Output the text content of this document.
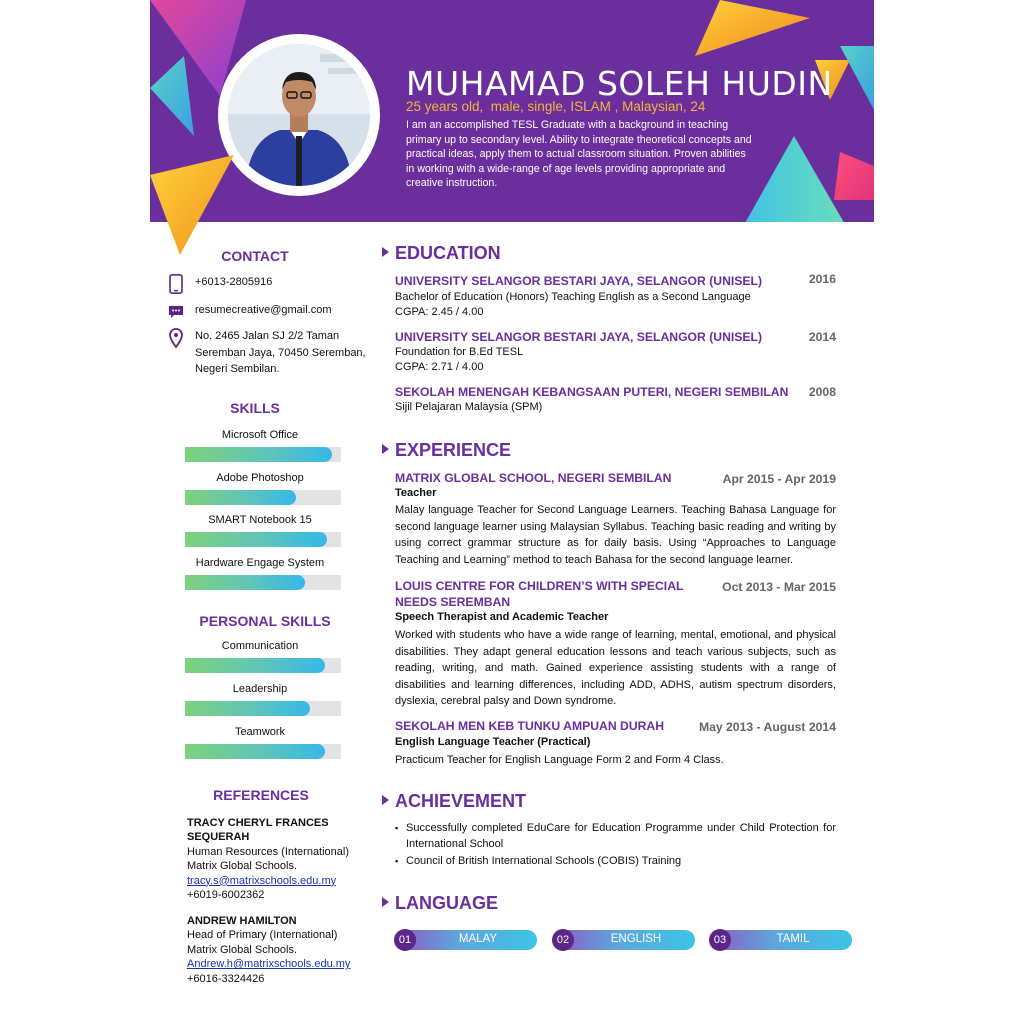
MUHAMAD SOLEH HUDIN
25 years old,  male, single, ISLAM , Malaysian, 24
I am an accomplished TESL Graduate with a background in teaching primary up to secondary level. Ability to integrate theoretical concepts and practical ideas, apply them to actual classroom situation. Proven abilities in working with a wide-range of age levels providing appropriate and creative instruction.
CONTACT
+6013-2805916
resumecreative@gmail.com
No. 2465 Jalan SJ 2/2 Taman Seremban Jaya, 70450 Seremban, Negeri Sembilan.
SKILLS
Microsoft Office
Adobe Photoshop
SMART Notebook 15
Hardware Engage System
PERSONAL SKILLS
Communication
Leadership
Teamwork
REFERENCES
TRACY CHERYL FRANCES SEQUERAH
Human Resources (International)
Matrix Global Schools.
tracy.s@matrixschools.edu.my
+6019-6002362
ANDREW HAMILTON
Head of Primary (International)
Matrix Global Schools.
Andrew.h@matrixschools.edu.my
+6016-3324426
EDUCATION
UNIVERSITY SELANGOR BESTARI JAYA, SELANGOR (UNISEL)	2016
Bachelor of Education (Honors) Teaching English as a Second Language
CGPA: 2.45 / 4.00
UNIVERSITY SELANGOR BESTARI JAYA, SELANGOR (UNISEL)	2014
Foundation for B.Ed TESL
CGPA: 2.71 / 4.00
SEKOLAH MENENGAH KEBANGSAAN PUTERI, NEGERI SEMBILAN 2008
Sijil Pelajaran Malaysia (SPM)
EXPERIENCE
MATRIX GLOBAL SCHOOL, NEGERI SEMBILAN	Apr 2015 - Apr 2019
Teacher
Malay language Teacher for Second Language Learners. Teaching Bahasa Language for second language learner using Malaysian Syllabus. Teaching basic reading and writing by using correct grammar structure as for daily basis. Using “Approaches to Language Teaching and Learning” method to teach Bahasa for the second language learner.
LOUIS CENTRE FOR CHILDREN’S WITH SPECIAL
NEEDS SEREMBAN
Oct 2013 - Mar 2015
Speech Therapist and Academic Teacher
Worked with students who have a wide range of learning, mental, emotional, and physical disabilities. They adapt general education lessons and teach various subjects, such as reading, writing, and math. Gained experience assisting students with a range of disabilities and learning differences, including ADD, ADHS, autism spectrum disorders, dyslexia, cerebral palsy and Down syndrome.
SEKOLAH MEN KEB TUNKU AMPUAN DURAH	May 2013 - August 2014
English Language Teacher (Practical)
Practicum Teacher for English Language Form 2 and Form 4 Class.
ACHIEVEMENT
▪ Successfully completed EduCare for Education Programme under Child Protection for International School
▪ Council of British International Schools (COBIS) Training
LANGUAGE
01	MALAY	02	ENGLISH	03	TAMIL
